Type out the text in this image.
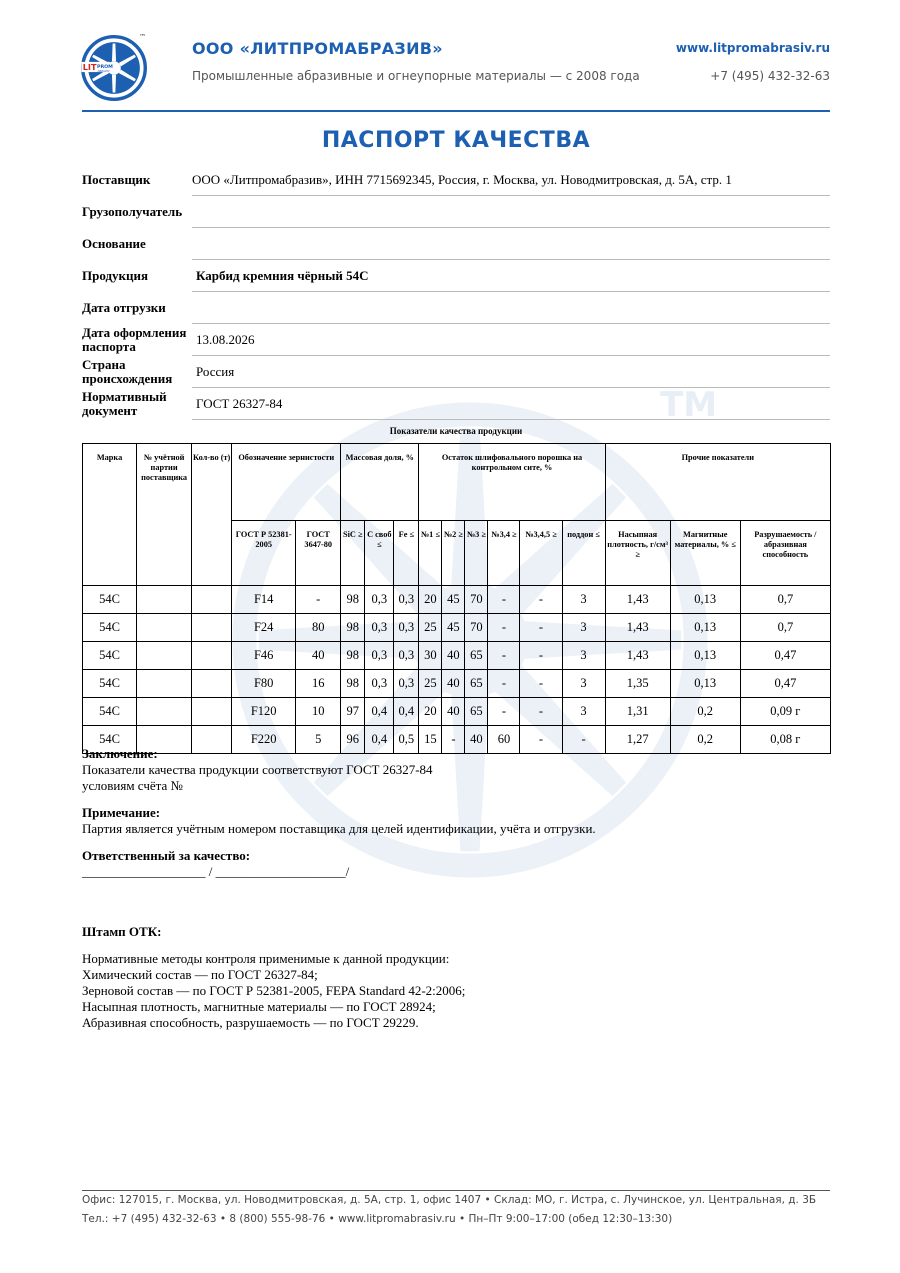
TM
LIT PROM
ABRAZIV
™
ООО «ЛИТПРОМАБРАЗИВ»
Промышленные абразивные и огнеупорные материалы — с 2008 года
www.litpromabrasiv.ru
+7 (495) 432-32-63
ПАСПОРТ КАЧЕСТВА
Поставщик	ООО «Литпромабразив», ИНН 7715692345, Россия, г. Москва, ул. Новодмитровская, д. 5А, стр. 1
Грузополучатель
Основание
Продукция	Карбид кремния чёрный 54С
Дата отгрузки
Дата оформления паспорта	13.08.2026
Страна происхождения	Россия
Нормативный документ	ГОСТ 26327-84
Показатели качества продукции
Марка	№ учётной партии поставщика	Кол-во (т)	Обозначение зернистости		Массовая доля, %			Остаток шлифовального порошка на контрольном сите, %						Прочие показатели		
			ГОСТ Р 52381-2005	ГОСТ 3647-80	SiC ≥	С своб ≤	Fe ≤	№1 ≤	№2 ≥	№3 ≥	№3,4 ≥	№3,4,5 ≥	поддон ≤	Насыпная плотность, г/см³ ≥	Магнитные материалы, % ≤	Разрушаемость / абразивная способность
54С			F14	-	98	0,3	0,3	20	45	70	-	-	3	1,43	0,13	0,7
54С			F24	80	98	0,3	0,3	25	45	70	-	-	3	1,43	0,13	0,7
54С			F46	40	98	0,3	0,3	30	40	65	-	-	3	1,43	0,13	0,47
54С			F80	16	98	0,3	0,3	25	40	65	-	-	3	1,35	0,13	0,47
54С			F120	10	97	0,4	0,4	20	40	65	-	-	3	1,31	0,2	0,09 г
54С			F220	5	96	0,4	0,5	15	-	40	60	-	-	1,27	0,2	0,08 г
Заключение:
Показатели качества продукции соответствуют ГОСТ 26327-84
условиям счёта №
Примечание:
Партия является учётным номером поставщика для целей идентификации, учёта и отгрузки.
Ответственный за качество:
___________________ / ____________________/
Штамп ОТК:
Нормативные методы контроля применимые к данной продукции:
Химический состав — по ГОСТ 26327-84;
Зерновой состав — по ГОСТ Р 52381-2005, FEPA Standard 42-2:2006;
Насыпная плотность, магнитные материалы — по ГОСТ 28924;
Абразивная способность, разрушаемость — по ГОСТ 29229.
Офис: 127015, г. Москва, ул. Новодмитровская, д. 5А, стр. 1, офис 1407 • Склад: МО, г. Истра, с. Лучинское, ул. Центральная, д. 3Б
Тел.: +7 (495) 432-32-63 • 8 (800) 555-98-76 • www.litpromabrasiv.ru • Пн–Пт 9:00–17:00 (обед 12:30–13:30)
